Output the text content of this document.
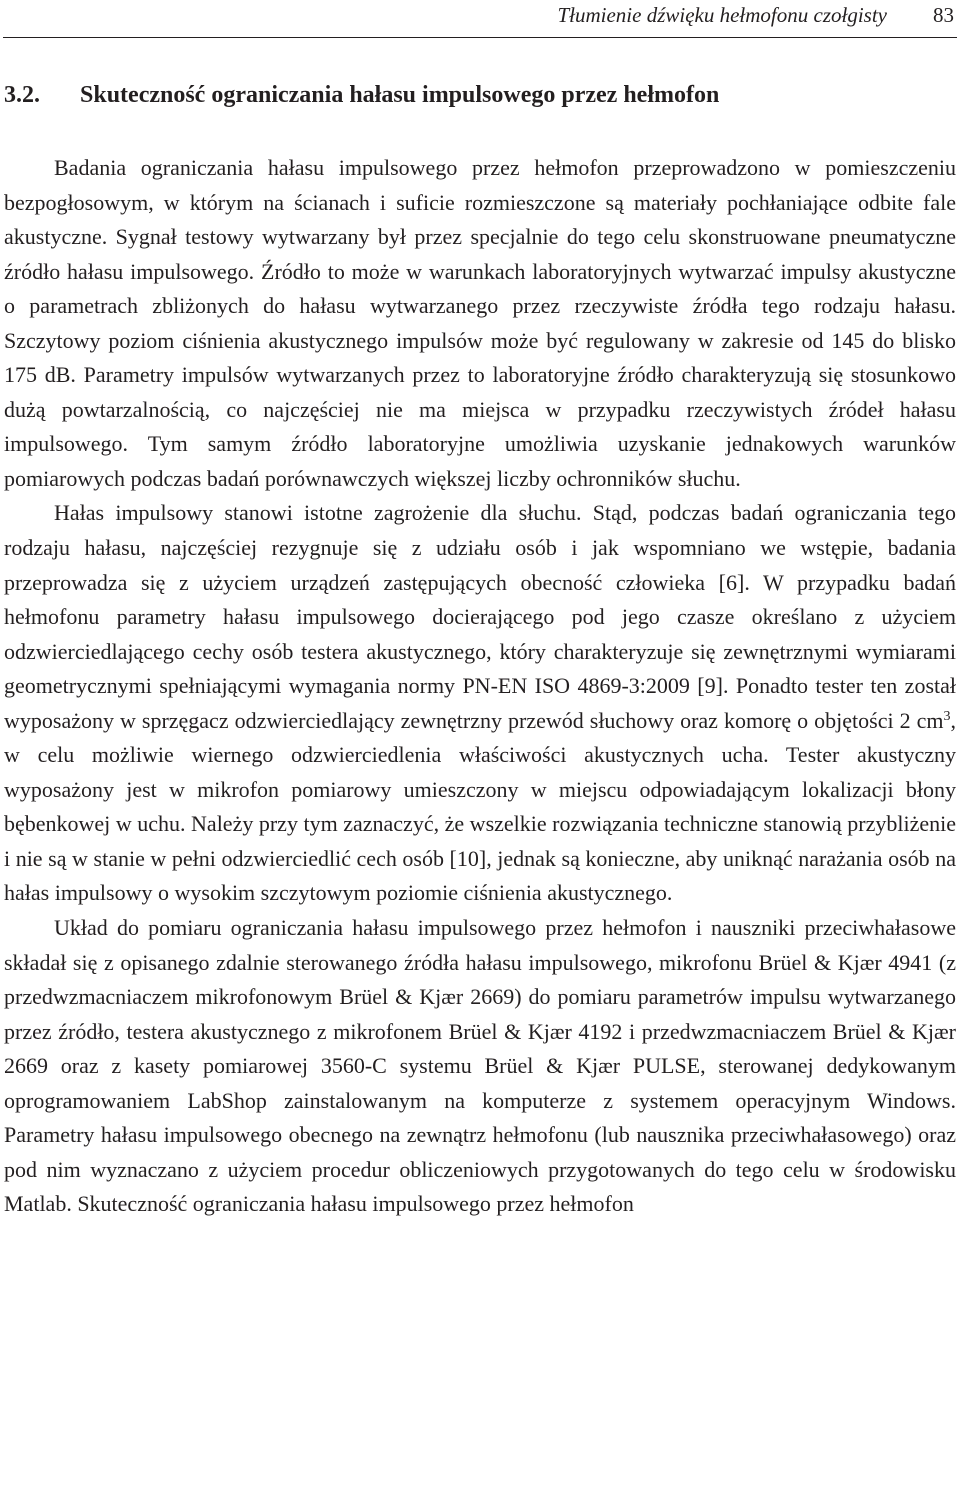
Tłumienie dźwięku hełmofonu czołgisty 83
3.2. Skuteczność ograniczania hałasu impulsowego przez hełmofon

Badania ograniczania hałasu impulsowego przez hełmofon przeprowadzono w pomieszczeniu bezpogłosowym, w którym na ścianach i suficie rozmieszczone są materiały pochłaniające odbite fale akustyczne. Sygnał testowy wytwarzany był przez specjalnie do tego celu skonstruowane pneumatyczne źródło hałasu impulsowego. Źródło to może w warunkach laboratoryjnych wytwarzać impulsy akustyczne o parametrach zbliżonych do hałasu wytwarzanego przez rzeczywiste źródła tego rodzaju hałasu. Szczytowy poziom ciśnienia akustycznego impulsów może być regulowany w zakresie od 145 do blisko 175 dB. Parametry impulsów wytwarzanych przez to laboratoryjne źródło charakteryzują się stosunkowo dużą powtarzalnością, co najczęściej nie ma miejsca w przypadku rzeczywistych źródeł hałasu impulsowego. Tym samym źródło laboratoryjne umożliwia uzyskanie jednakowych warunków pomiarowych podczas badań porównawczych większej liczby ochronników słuchu.

Hałas impulsowy stanowi istotne zagrożenie dla słuchu. Stąd, podczas badań ograniczania tego rodzaju hałasu, najczęściej rezygnuje się z udziału osób i jak wspomniano we wstępie, badania przeprowadza się z użyciem urządzeń zastępujących obecność człowieka [6]. W przypadku badań hełmofonu parametry hałasu impulsowego docierającego pod jego czasze określano z użyciem odzwierciedlającego cechy osób testera akustycznego, który charakteryzuje się zewnętrznymi wymiarami geometrycznymi spełniającymi wymagania normy PN-EN ISO 4869-3:2009 [9]. Ponadto tester ten został wyposażony w sprzęgacz odzwierciedlający zewnętrzny przewód słuchowy oraz komorę o objętości 2 $cm^3$, w celu możliwie wiernego odzwierciedlenia właściwości akustycznych ucha. Tester akustyczny wyposażony jest w mikrofon pomiarowy umieszczony w miejscu odpowiadającym lokalizacji błony bębenkowej w uchu. Należy przy tym zaznaczyć, że wszelkie rozwiązania techniczne stanowią przybliżenie i nie są w stanie w pełni odzwierciedlić cech osób [10], jednak są konieczne, aby uniknąć narażania osób na hałas impulsowy o wysokim szczytowym poziomie ciśnienia akustycznego.

Układ do pomiaru ograniczania hałasu impulsowego przez hełmofon i nauszniki przeciwhałasowe składał się z opisanego zdalnie sterowanego źródła hałasu impulsowego, mikrofonu Brüel & Kjær 4941 (z przedwzmacniaczem mikrofonowym Brüel & Kjær 2669) do pomiaru parametrów impulsu wytwarzanego przez źródło, testera akustycznego z mikrofonem Brüel & Kjær 4192 i przedwzmacniaczem Brüel & Kjær 2669 oraz z kasety pomiarowej 3560-C systemu Brüel & Kjær PULSE, sterowanej dedykowanym oprogramowaniem LabShop zainstalowanym na komputerze z systemem operacyjnym Windows. Parametry hałasu impulsowego obecnego na zewnątrz hełmofonu (lub nausznika przeciwhałasowego) oraz pod nim wyznaczano z użyciem procedur obliczeniowych przygotowanych do tego celu w środowisku Matlab. Skuteczność ograniczania hałasu impulsowego przez hełmofon
